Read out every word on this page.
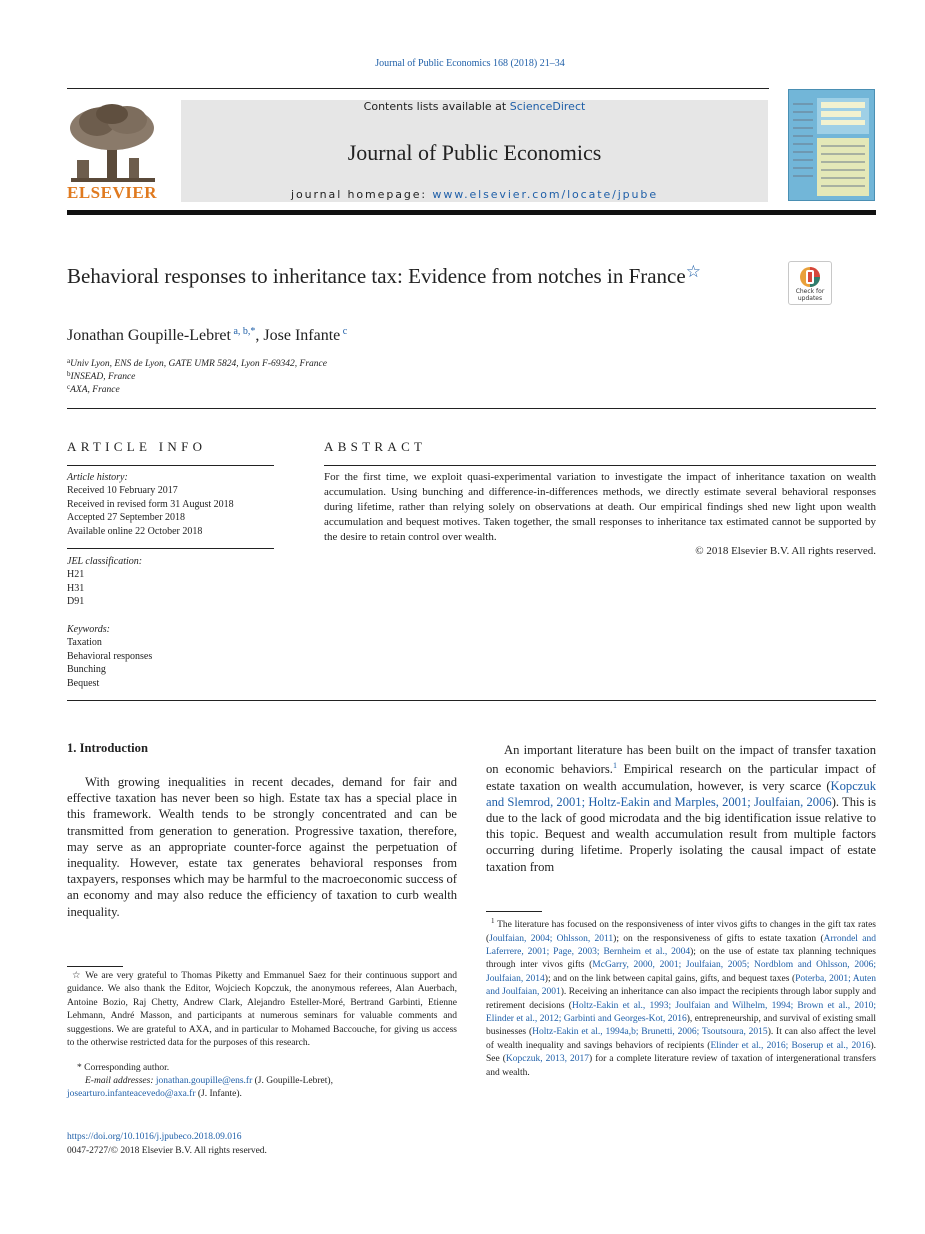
Journal of Public Economics 168 (2018) 21–34
ELSEVIER
Contents lists available at ScienceDirect
Journal of Public Economics
journal homepage: www.elsevier.com/locate/jpube
Behavioral responses to inheritance tax: Evidence from notches in France☆
Check for
updates
Jonathan Goupille-Lebret $^{a, b,*}$, Jose Infante $^c$
$^a$Univ Lyon, ENS de Lyon, GATE UMR 5824, Lyon F-69342, France
$^b$INSEAD, France
$^c$AXA, France
ARTICLE INFO
Article history:
Received 10 February 2017
Received in revised form 31 August 2018
Accepted 27 September 2018
Available online 22 October 2018
JEL classification:
H21
H31
D91
Keywords:
Taxation
Behavioral responses
Bunching
Bequest
ABSTRACT
For the first time, we exploit quasi-experimental variation to investigate the impact of inheritance taxation on wealth accumulation. Using bunching and difference-in-differences methods, we directly estimate several behavioral responses during lifetime, rather than relying solely on observations at death. Our empirical findings shed new light upon wealth accumulation and bequest motives. Taken together, the small responses to inheritance tax estimated cannot be supported by the desire to retain control over wealth.
© 2018 Elsevier B.V. All rights reserved.
1. Introduction
With growing inequalities in recent decades, demand for fair and effective taxation has never been so high. Estate tax has a special place in this framework. Wealth tends to be strongly concentrated and can be transmitted from generation to generation. Progressive taxation, therefore, may serve as an appropriate counter-force against the perpetuation of inequality. However, estate tax generates behavioral responses from taxpayers, responses which may be harmful to the macroeconomic success of an economy and may also reduce the efficiency of taxation to curb wealth inequality.
☆ We are very grateful to Thomas Piketty and Emmanuel Saez for their continuous support and guidance. We also thank the Editor, Wojciech Kopczuk, the anonymous referees, Alan Auerbach, Antoine Bozio, Raj Chetty, Andrew Clark, Alejandro Esteller-Moré, Bertrand Garbinti, Etienne Lehmann, André Masson, and participants at numerous seminars for valuable comments and suggestions. We are grateful to AXA, and in particular to Mohamed Baccouche, for giving us access to the otherwise restricted data for the purposes of this research.
* Corresponding author.
E-mail addresses: jonathan.goupille@ens.fr (J. Goupille-Lebret),
josearturo.infanteacevedo@axa.fr (J. Infante).
https://doi.org/10.1016/j.jpubeco.2018.09.016
0047-2727/© 2018 Elsevier B.V. All rights reserved.
An important literature has been built on the impact of transfer taxation on economic behaviors.$^1$ Empirical research on the particular impact of estate taxation on wealth accumulation, however, is very scarce (Kopczuk and Slemrod, 2001; Holtz-Eakin and Marples, 2001; Joulfaian, 2006). This is due to the lack of good microdata and the big identification issue relative to this topic. Bequest and wealth accumulation result from multiple factors occurring during lifetime. Properly isolating the causal impact of estate taxation from
$^1$ The literature has focused on the responsiveness of inter vivos gifts to changes in the gift tax rates (Joulfaian, 2004; Ohlsson, 2011); on the responsiveness of gifts to estate taxation (Arrondel and Laferrere, 2001; Page, 2003; Bernheim et al., 2004); on the use of estate tax planning techniques through inter vivos gifts (McGarry, 2000, 2001; Joulfaian, 2005; Nordblom and Ohlsson, 2006; Joulfaian, 2014); and on the link between capital gains, gifts, and bequest taxes (Poterba, 2001; Auten and Joulfaian, 2001). Receiving an inheritance can also impact the recipients through labor supply and retirement decisions (Holtz-Eakin et al., 1993; Joulfaian and Wilhelm, 1994; Brown et al., 2010; Elinder et al., 2012; Garbinti and Georges-Kot, 2016), entrepreneurship, and survival of existing small businesses (Holtz-Eakin et al., 1994a,b; Brunetti, 2006; Tsoutsoura, 2015). It can also affect the level of wealth inequality and savings behaviors of recipients (Elinder et al., 2016; Boserup et al., 2016). See (Kopczuk, 2013, 2017) for a complete literature review of taxation of intergenerational transfers and wealth.
